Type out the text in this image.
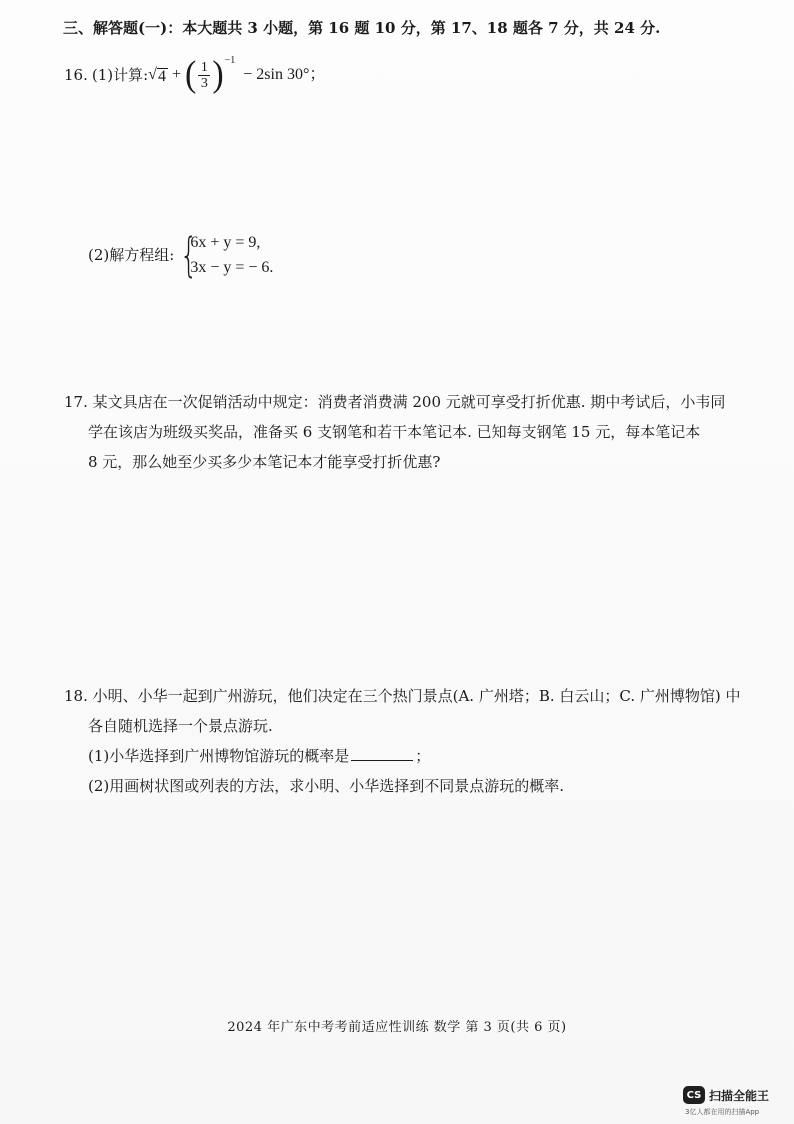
三、解答题(一)：本大题共 3 小题，第 16 题 10 分，第 17、18 题各 7 分，共 24 分.
16. (1)计算: √ 4 + ( $\frac{1}{3}$ ) −1
− 2sin 30°；
(2)解方程组: {
6x + y = 9,
3x − y = − 6.
17. 某文具店在一次促销活动中规定：消费者消费满 200 元就可享受打折优惠. 期中考试后，小韦同
学在该店为班级买奖品，准备买 6 支钢笔和若干本笔记本. 已知每支钢笔 15 元，每本笔记本
8 元，那么她至少买多少本笔记本才能享受打折优惠?
18. 小明、小华一起到广州游玩，他们决定在三个热门景点(A. 广州塔；B. 白云山；C. 广州博物馆) 中
各自随机选择一个景点游玩.
(1)小华选择到广州博物馆游玩的概率是	；
(2)用画树状图或列表的方法，求小明、小华选择到不同景点游玩的概率.
2024 年广东中考考前适应性训练 数学 第 3 页(共 6 页)
CS 扫描全能王
3亿人都在用的扫描App
